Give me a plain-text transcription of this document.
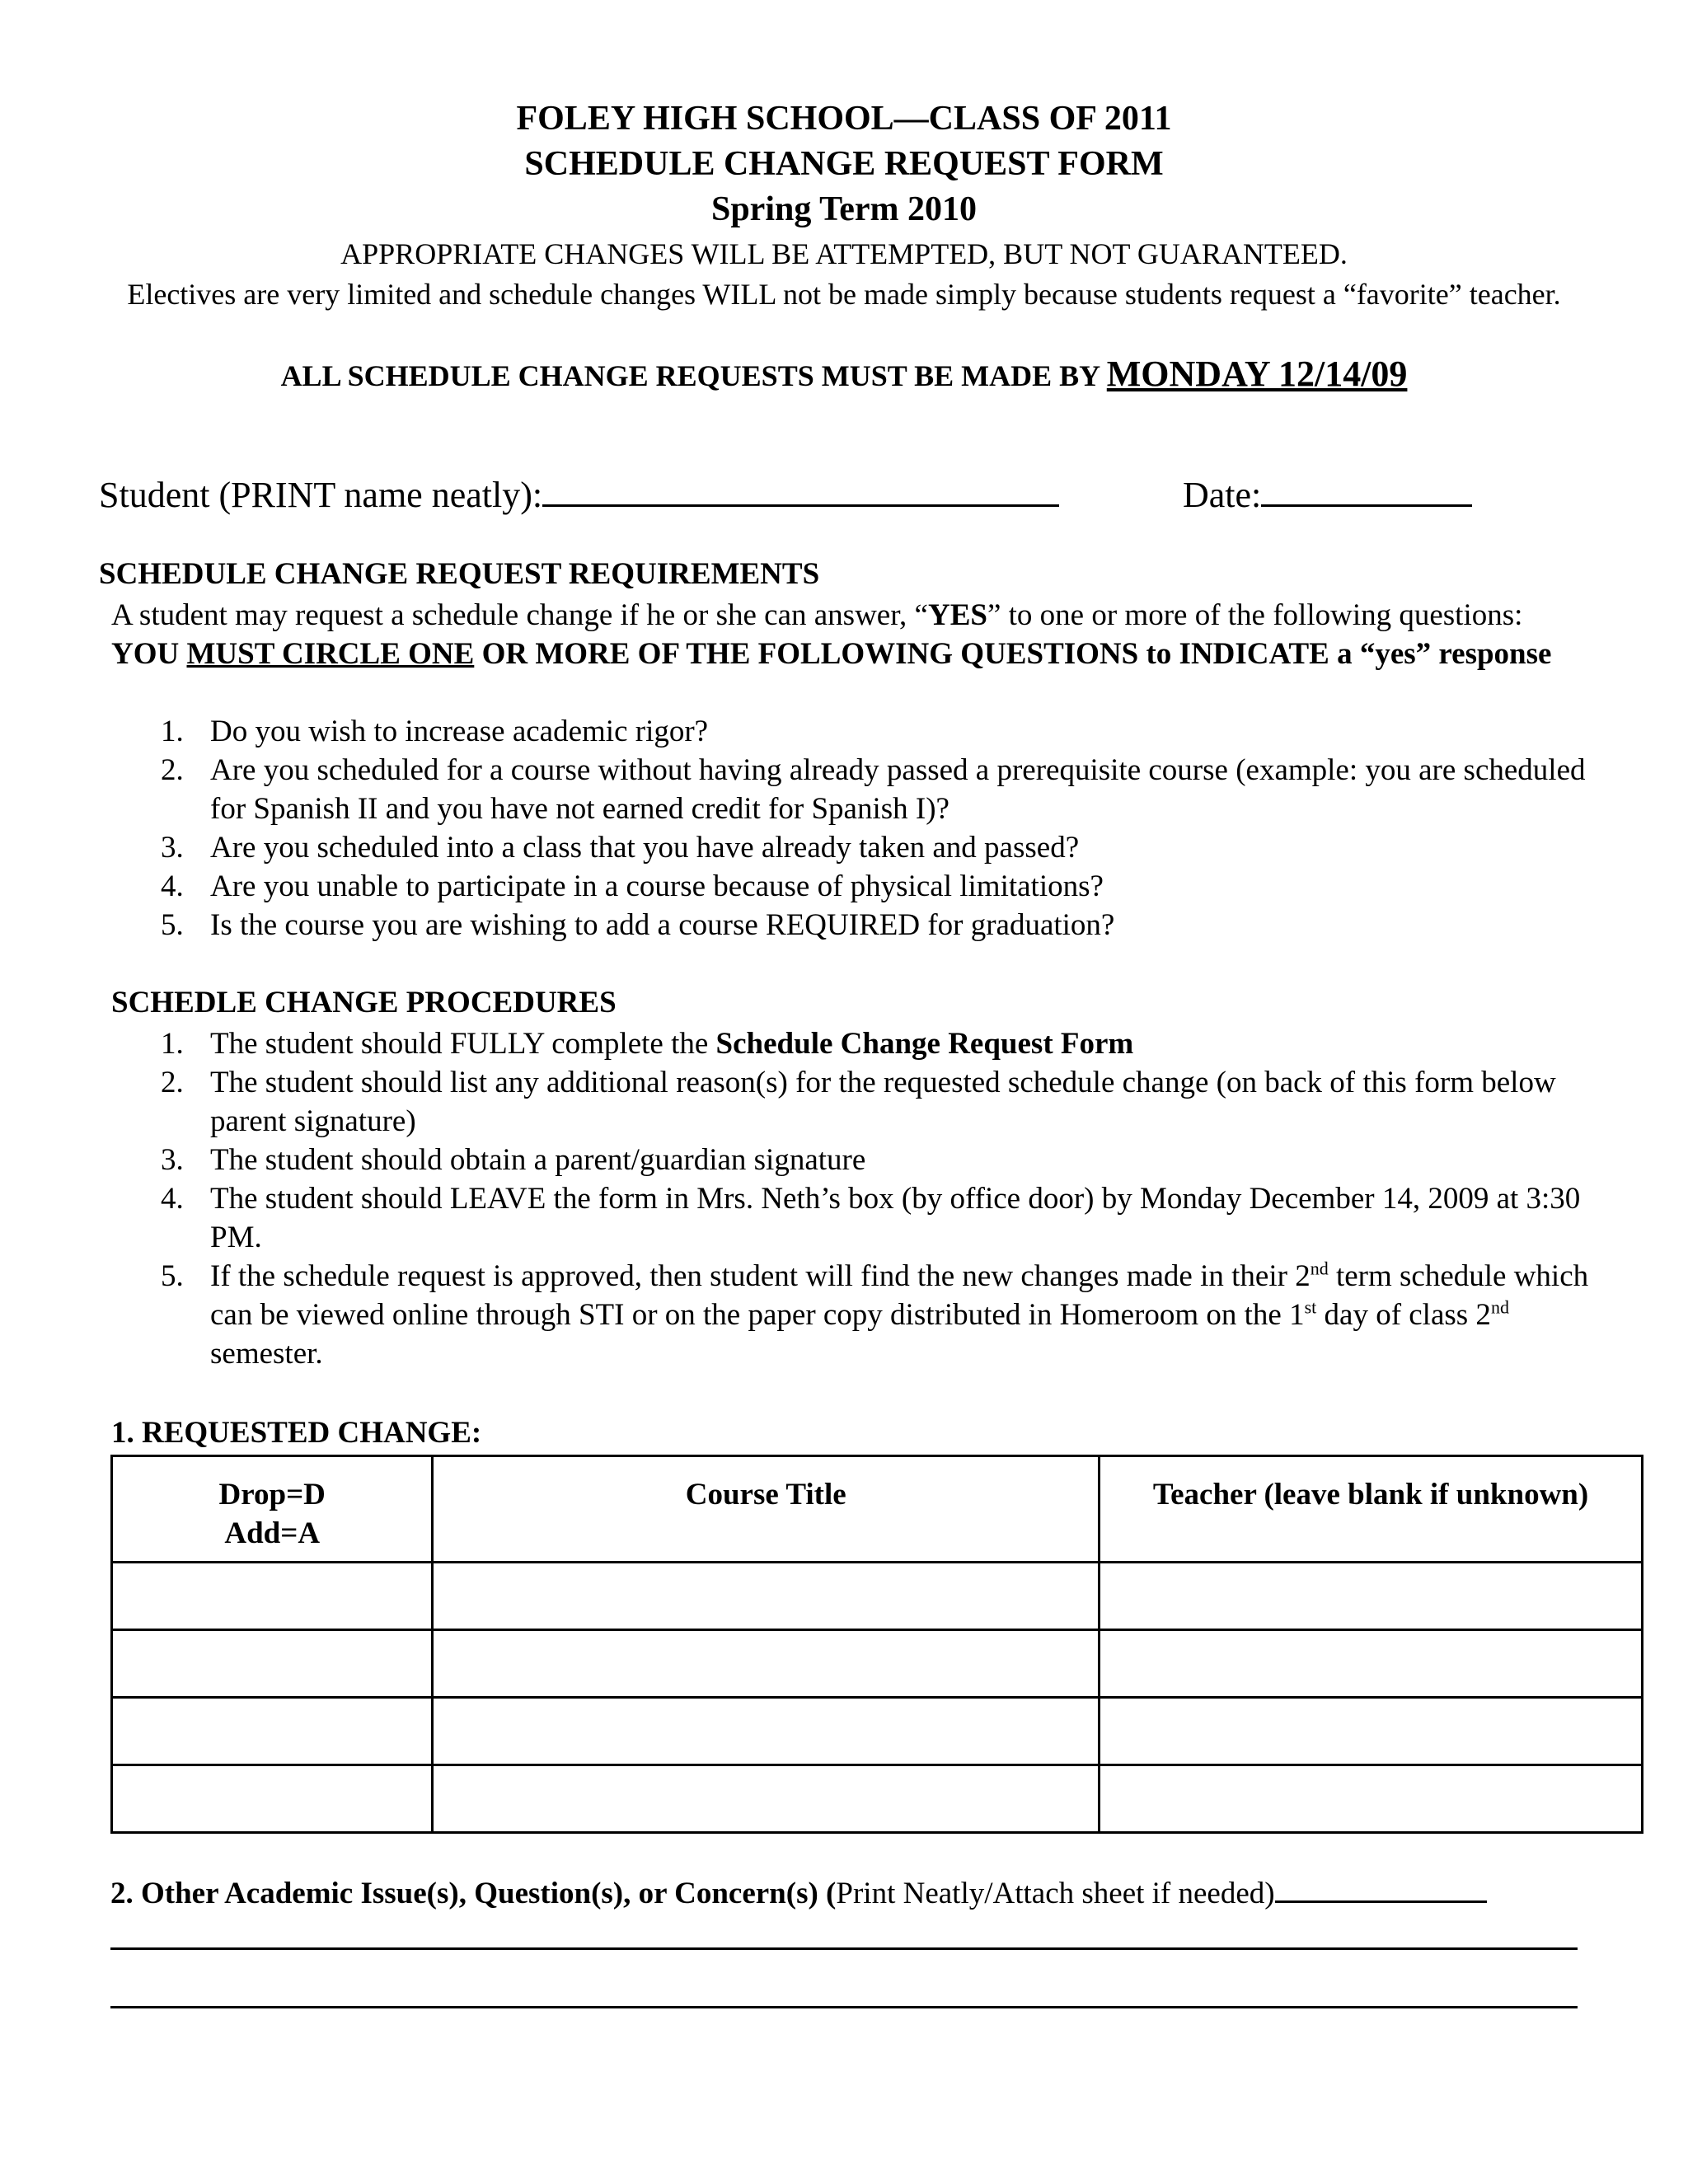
FOLEY HIGH SCHOOL—CLASS OF 2011
SCHEDULE CHANGE REQUEST FORM
Spring Term 2010
APPROPRIATE CHANGES WILL BE ATTEMPTED, BUT NOT GUARANTEED.
Electives are very limited and schedule changes WILL not be made simply because students request a “favorite” teacher.
ALL SCHEDULE CHANGE REQUESTS MUST BE MADE BY MONDAY 12/14/09
Student (PRINT name neatly):	Date:
SCHEDULE CHANGE REQUEST REQUIREMENTS
A student may request a schedule change if he or she can answer, “YES” to one or more of the following questions: YOU MUST CIRCLE ONE OR MORE OF THE FOLLOWING QUESTIONS to INDICATE a “yes” response
1. Do you wish to increase academic rigor?
2. Are you scheduled for a course without having already passed a prerequisite course (example: you are scheduled for Spanish II and you have not earned credit for Spanish I)?
3. Are you scheduled into a class that you have already taken and passed?
4. Are you unable to participate in a course because of physical limitations?
5. Is the course you are wishing to add a course REQUIRED for graduation?
SCHEDLE CHANGE PROCEDURES
1. The student should FULLY complete the Schedule Change Request Form
2. The student should list any additional reason(s) for the requested schedule change (on back of this form below parent signature)
3. The student should obtain a parent/guardian signature
4. The student should LEAVE the form in Mrs. Neth’s box (by office door) by Monday December 14, 2009 at 3:30 PM.
5. If the schedule request is approved, then student will find the new changes made in their 2nd term schedule which can be viewed online through STI or on the paper copy distributed in Homeroom on the 1st day of class 2nd semester.
1. REQUESTED CHANGE:
Drop=D
Add=A	Course Title	Teacher (leave blank if unknown)

2. Other Academic Issue(s), Question(s), or Concern(s) (Print Neatly/Attach sheet if needed)
